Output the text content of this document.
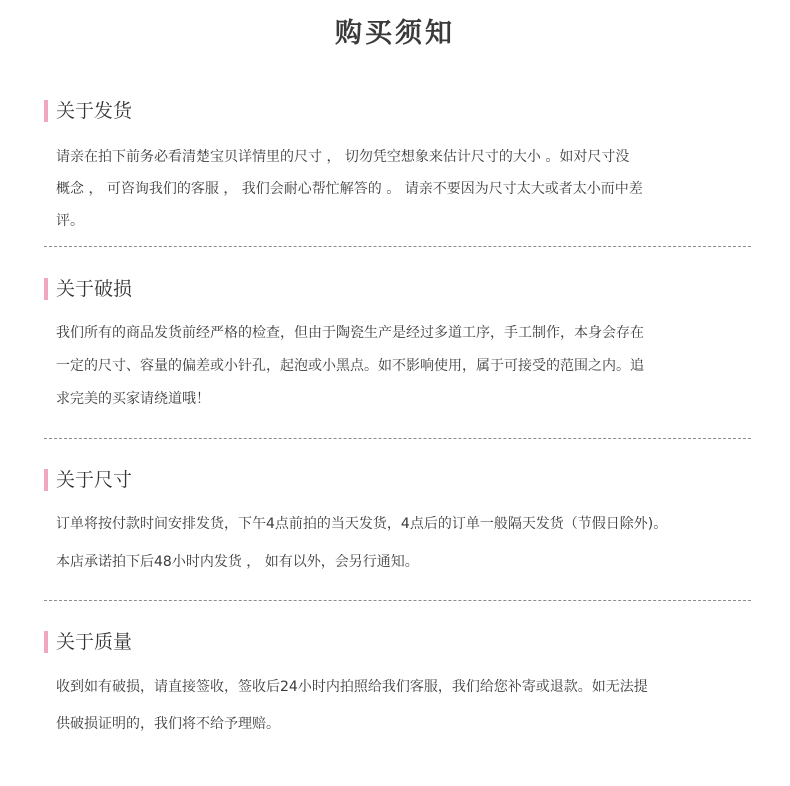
购买须知
关于发货
请亲在拍下前务必看清楚宝贝详情里的尺寸 ， 切勿凭空想象来估计尺寸的大小 。如对尺寸没
概念 ， 可咨询我们的客服 ， 我们会耐心帮忙解答的 。 请亲不要因为尺寸太大或者太小而中差
评。
关于破损
我们所有的商品发货前经严格的检查，但由于陶瓷生产是经过多道工序，手工制作，本身会存在
一定的尺寸、容量的偏差或小针孔，起泡或小黑点。如不影响使用，属于可接受的范围之内。追
求完美的买家请绕道哦！
关于尺寸
订单将按付款时间安排发货，下午4点前拍的当天发货，4点后的订单一般隔天发货（节假日除外)。
本店承诺拍下后48小时内发货 ， 如有以外，会另行通知。
关于质量
收到如有破损，请直接签收，签收后24小时内拍照给我们客服，我们给您补寄或退款。如无法提
供破损证明的，我们将不给予理赔。
